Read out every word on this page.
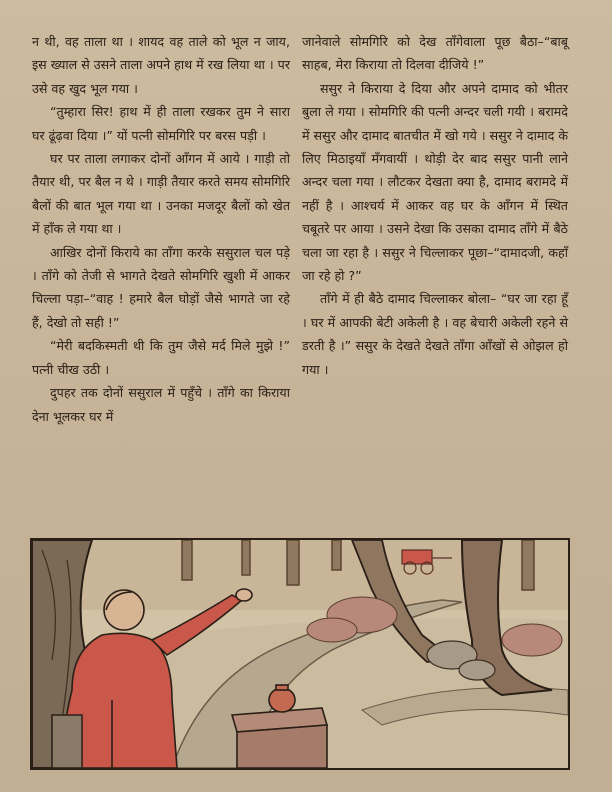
न थी, वह ताला था । शायद वह ताले को भूल न जाय, इस ख्याल से उसने ताला अपने हाथ में रख लिया था । पर उसे वह खुद भूल गया ।

“तुम्हारा सिर! हाथ में ही ताला रखकर तुम ने सारा घर ढूंढ़वा दिया ।” यों पत्नी सोमगिरि पर बरस पड़ी ।

घर पर ताला लगाकर दोनों आँगन में आये । गाड़ी तो तैयार थी, पर बैल न थे । गाड़ी तैयार करते समय सोमगिरि बैलों की बात भूल गया था । उनका मजदूर बैलों को खेत में हाँक ले गया था ।

आखिर दोनों किराये का ताँगा करके ससुराल चल पड़े । ताँगे को तेजी से भागते देखते सोमगिरि खुशी में आकर चिल्ला पड़ा–“वाह ! हमारे बैल घोड़ों जैसे भागते जा रहे हैं, देखो तो सही !”

“मेरी बदकिस्मती थी कि तुम जैसे मर्द मिले मुझे !” पत्नी चीख उठी ।

दुपहर तक दोनों ससुराल में पहुँचे । ताँगे का किराया देना भूलकर घर में

जानेवाले सोमगिरि को देख ताँगेवाला पूछ बैठा–“बाबू साहब, मेरा किराया तो दिलवा दीजिये !”

ससुर ने किराया दे दिया और अपने दामाद को भीतर बुला ले गया । सोमगिरि की पत्नी अन्दर चली गयी । बरामदे में ससुर और दामाद बातचीत में खो गये । ससुर ने दामाद के लिए मिठाइयाँ मँगवायीं । थोड़ी देर बाद ससुर पानी लाने अन्दर चला गया । लौटकर देखता क्या है, दामाद बरामदे में नहीं है । आश्चर्य में आकर वह घर के आँगन में स्थित चबूतरे पर आया । उसने देखा कि उसका दामाद ताँगे में बैठे चला जा रहा है । ससुर ने चिल्लाकर पूछा–“दामादजी, कहाँ जा रहे हो ?”

ताँगे में ही बैठे दामाद चिल्लाकर बोला– “घर जा रहा हूँ । घर में आपकी बेटी अकेली है । वह बेचारी अकेली रहने से डरती है ।” ससुर के देखते देखते ताँगा आँखों से ओझल हो गया ।
